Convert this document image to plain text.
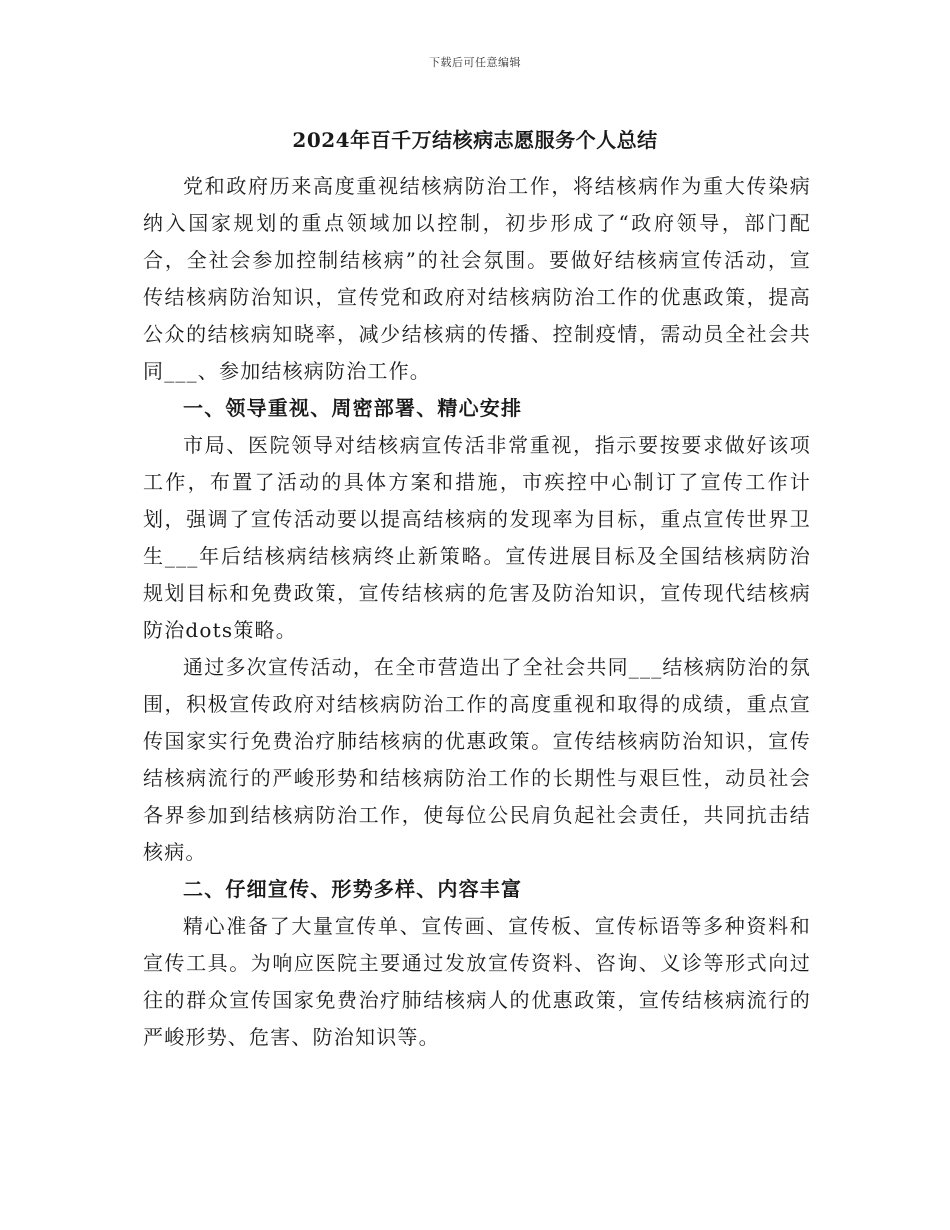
下载后可任意编辑
2024年百千万结核病志愿服务个人总结

党和政府历来高度重视结核病防治工作，将结核病作为重大传染病纳入国家规划的重点领域加以控制，初步形成了“政府领导，部门配合，全社会参加控制结核病”的社会氛围。要做好结核病宣传活动，宣传结核病防治知识，宣传党和政府对结核病防治工作的优惠政策，提高公众的结核病知晓率，减少结核病的传播、控制疫情，需动员全社会共同___、参加结核病防治工作。

一、领导重视、周密部署、精心安排

市局、医院领导对结核病宣传活非常重视，指示要按要求做好该项工作，布置了活动的具体方案和措施，市疾控中心制订了宣传工作计划，强调了宣传活动要以提高结核病的发现率为目标，重点宣传世界卫生___年后结核病结核病终止新策略。宣传进展目标及全国结核病防治规划目标和免费政策，宣传结核病的危害及防治知识，宣传现代结核病防治dots策略。

通过多次宣传活动，在全市营造出了全社会共同___结核病防治的氛围，积极宣传政府对结核病防治工作的高度重视和取得的成绩，重点宣传国家实行免费治疗肺结核病的优惠政策。宣传结核病防治知识，宣传结核病流行的严峻形势和结核病防治工作的长期性与艰巨性，动员社会各界参加到结核病防治工作，使每位公民肩负起社会责任，共同抗击结核病。

二、仔细宣传、形势多样、内容丰富

精心准备了大量宣传单、宣传画、宣传板、宣传标语等多种资料和宣传工具。为响应医院主要通过发放宣传资料、咨询、义诊等形式向过往的群众宣传国家免费治疗肺结核病人的优惠政策，宣传结核病流行的严峻形势、危害、防治知识等。
